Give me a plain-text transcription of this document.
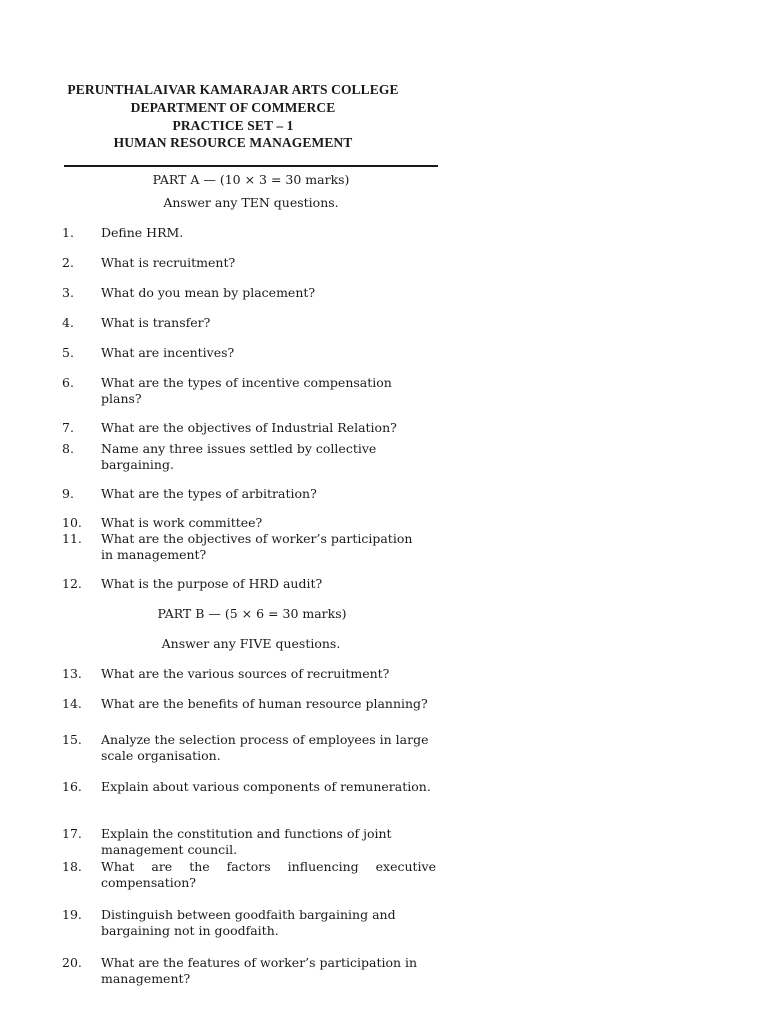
PERUNTHALAIVAR KAMARAJAR ARTS COLLEGE
DEPARTMENT OF COMMERCE
PRACTICE SET – 1
HUMAN RESOURCE MANAGEMENT
PART A — (10 × 3 = 30 marks)
Answer any TEN questions.
1. Define HRM.
2. What is recruitment?
3. What do you mean by placement?
4. What is transfer?
5. What are incentives?
6. What are the types of incentive compensation plans?
7. What are the objectives of Industrial Relation?
8. Name any three issues settled by collective bargaining.
9. What are the types of arbitration?
10. What is work committee?
11. What are the objectives of worker’s participation in management?
12. What is the purpose of HRD audit?
PART B — (5 × 6 = 30 marks)
Answer any FIVE questions.
13. What are the various sources of recruitment?
14. What are the benefits of human resource planning?
15. Analyze the selection process of employees in large scale organisation.
16. Explain about various components of remuneration.
17. Explain the constitution and functions of joint management council.
18. What are the factors influencing executive compensation?
19. Distinguish between goodfaith bargaining and bargaining not in goodfaith.
20. What are the features of worker’s participation in management?
